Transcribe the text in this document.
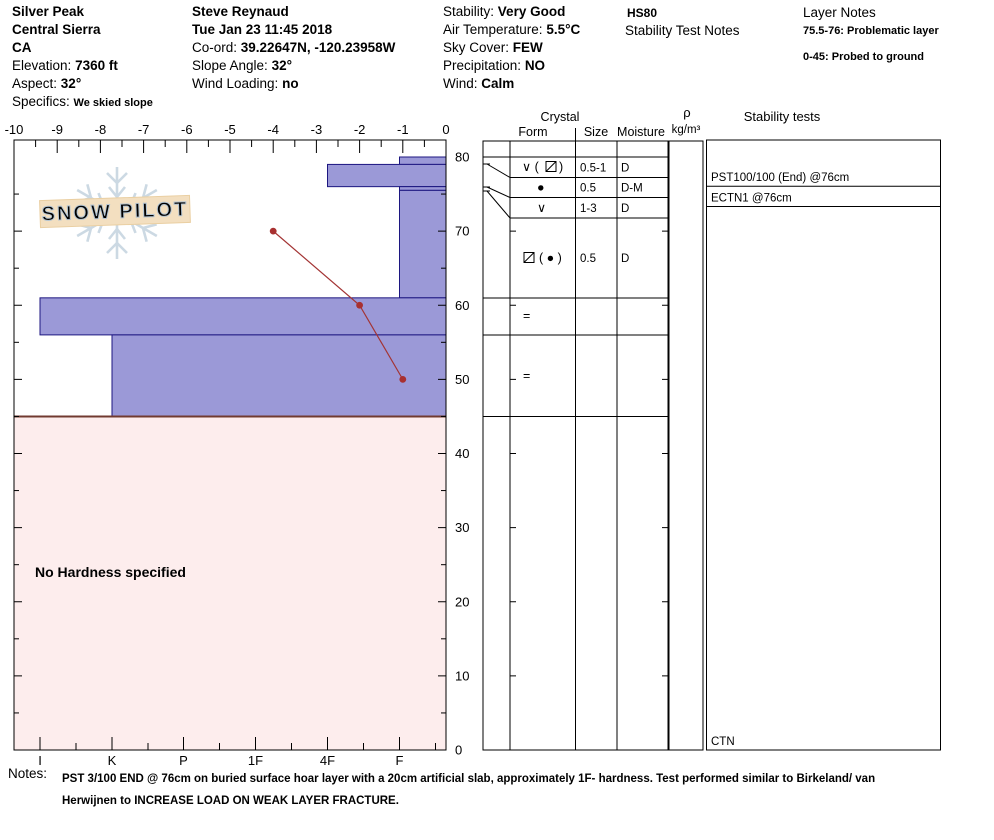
Silver Peak
Central Sierra
CA
Elevation: 7360 ft
Aspect: 32°
Specifics: We skied slope
Steve Reynaud
Tue Jan 23 11:45 2018
Co-ord: 39.22647N, -120.23958W
Slope Angle: 32°
Wind Loading: no
Stability: Very Good
Air Temperature: 5.5°C
Sky Cover: FEW
Precipitation: NO
Wind: Calm
HS80
Stability Test Notes
Layer Notes
75.5-76: Problematic layer
0-45: Probed to ground
SNOW PILOT
-10 -9 -8 -7 -6 -5 -4 -3 -2 -1	0
I	K	P	1F	4F	F
0
10
20
30
40
50
60
70
80
No Hardness specified
Crystal
Form	Size Moisture
ρ
kg/m³
∨ ( ) 0.5-1 D
●	0.5 D-M
∨	1-3 D
( ● ) 0.5 D
=
=
Stability tests
PST100/100 (End) @76cm
ECTN1 @76cm
CTN
Notes: PST 3/100 END @ 76cm on buried surface hoar layer with a 20cm artificial slab, approximately 1F- hardness. Test performed similar to Birkeland/ van
Herwijnen to INCREASE LOAD ON WEAK LAYER FRACTURE.
